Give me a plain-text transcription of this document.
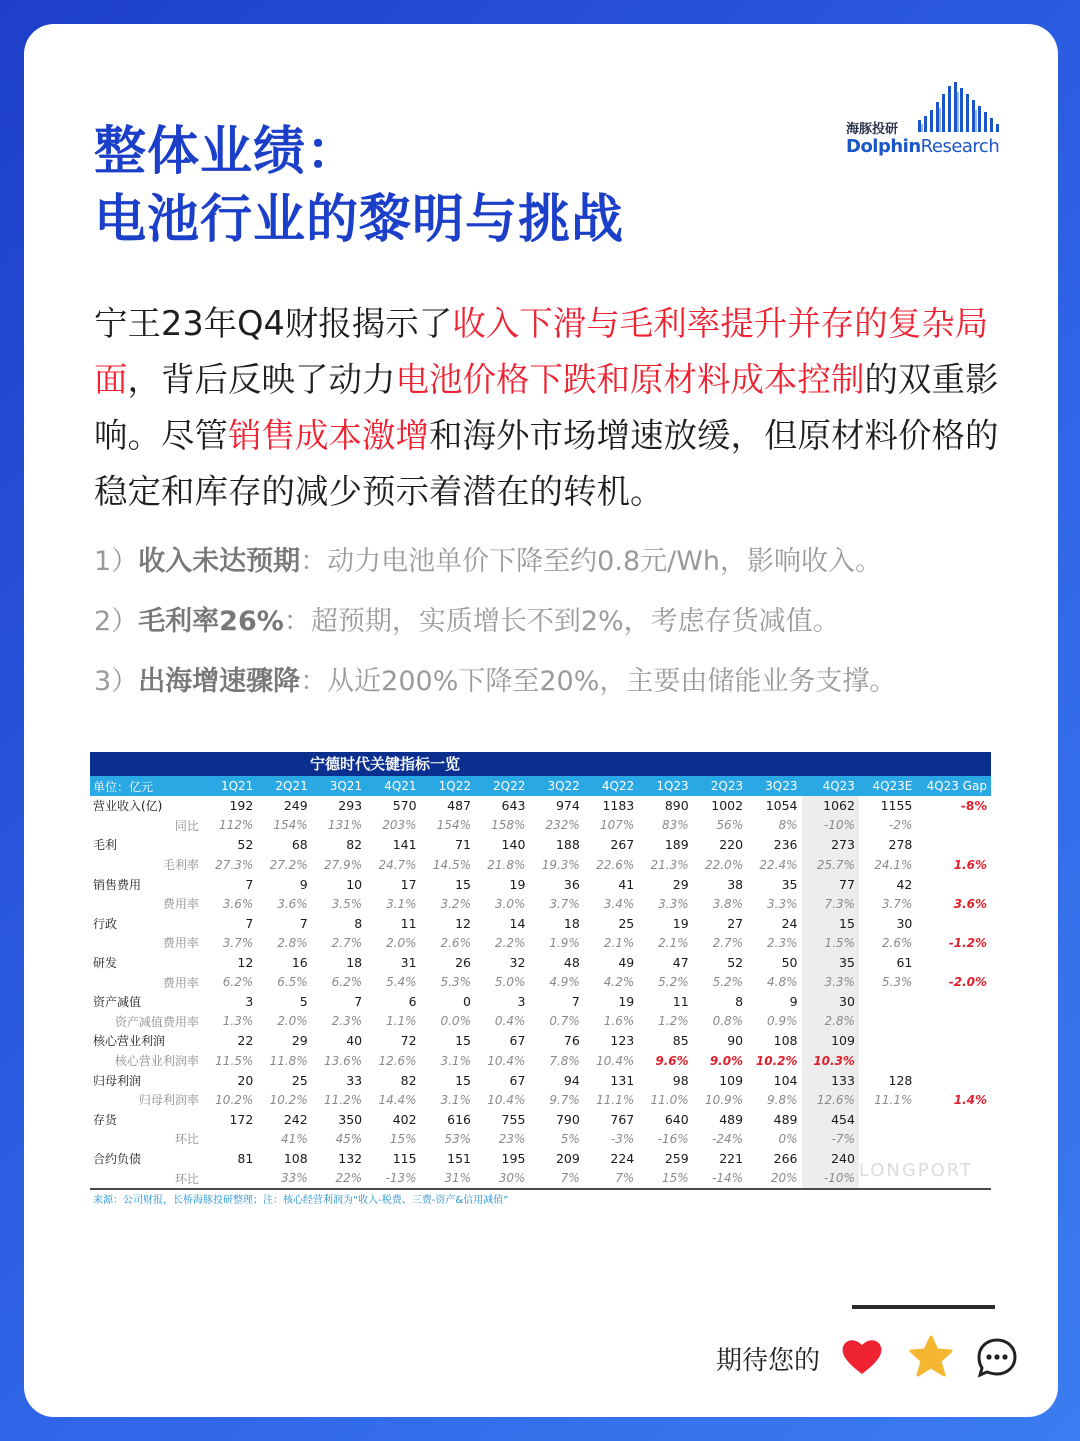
整体业绩：
电池行业的黎明与挑战
海豚投研
DolphinResearch

宁王23年Q4财报揭示了收入下滑与毛利率提升并存的复杂局面，背后反映了动力电池价格下跌和原材料成本控制的双重影响。尽管销售成本激增和海外市场增速放缓，但原材料价格的稳定和库存的减少预示着潜在的转机。

1）收入未达预期：动力电池单价下降至约0.8元/Wh，影响收入。
2）毛利率26%：超预期，实质增长不到2%，考虑存货减值。
3）出海增速骤降：从近200%下降至20%，主要由储能业务支撑。
宁德时代关键指标一览
单位：亿元	1Q21	2Q21	3Q21	4Q21	1Q22	2Q22	3Q22	4Q22	1Q23	2Q23	3Q23	4Q23	4Q23E	4Q23 Gap
营业收入(亿)	192	249	293	570	487	643	974	1183	890	1002	1054	1062	1155	-8%
同比	112%	154%	131%	203%	154%	158%	232%	107%	83%	56%	8%	-10%	-2%	
毛利	52	68	82	141	71	140	188	267	189	220	236	273	278	
毛利率	27.3%	27.2%	27.9%	24.7%	14.5%	21.8%	19.3%	22.6%	21.3%	22.0%	22.4%	25.7%	24.1%	1.6%
销售费用	7	9	10	17	15	19	36	41	29	38	35	77	42	
费用率	3.6%	3.6%	3.5%	3.1%	3.2%	3.0%	3.7%	3.4%	3.3%	3.8%	3.3%	7.3%	3.7%	3.6%
行政	7	7	8	11	12	14	18	25	19	27	24	15	30	
费用率	3.7%	2.8%	2.7%	2.0%	2.6%	2.2%	1.9%	2.1%	2.1%	2.7%	2.3%	1.5%	2.6%	-1.2%
研发	12	16	18	31	26	32	48	49	47	52	50	35	61	
费用率	6.2%	6.5%	6.2%	5.4%	5.3%	5.0%	4.9%	4.2%	5.2%	5.2%	4.8%	3.3%	5.3%	-2.0%
资产减值	3	5	7	6	0	3	7	19	11	8	9	30		
资产减值费用率	1.3%	2.0%	2.3%	1.1%	0.0%	0.4%	0.7%	1.6%	1.2%	0.8%	0.9%	2.8%		
核心营业利润	22	29	40	72	15	67	76	123	85	90	108	109		
核心营业利润率	11.5%	11.8%	13.6%	12.6%	3.1%	10.4%	7.8%	10.4%	9.6%	9.0%	10.2%	10.3%		
归母利润	20	25	33	82	15	67	94	131	98	109	104	133	128	
归母利润率	10.2%	10.2%	11.2%	14.4%	3.1%	10.4%	9.7%	11.1%	11.0%	10.9%	9.8%	12.6%	11.1%	1.4%
存货	172	242	350	402	616	755	790	767	640	489	489	454		
环比		41%	45%	15%	53%	23%	5%	-3%	-16%	-24%	0%	-7%		
合约负债	81	108	132	115	151	195	209	224	259	221	266	240		
环比		33%	22%	-13%	31%	30%	7%	7%	15%	-14%	20%	-10%		
来源：公司财报，长桥海豚投研整理；注：核心经营利润为“收入-税费、三费-资产&信用减值”														
LONGPORT
期待您的
